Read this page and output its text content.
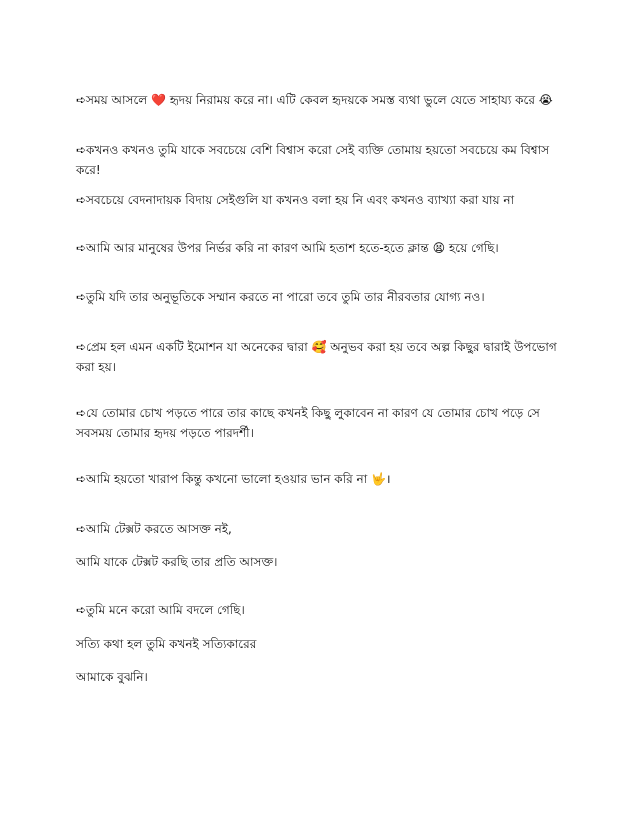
➪সময় আসলে ❤️ হৃদয় নিরাময় করে না। এটি কেবল হৃদয়কে সমস্ত ব্যথা ভুলে যেতে সাহায্য করে 😭
➪কখনও কখনও তুমি যাকে সবচেয়ে বেশি বিশ্বাস করো সেই ব্যক্তি তোমায় হয়তো সবচেয়ে কম বিশ্বাস করে!
➪সবচেয়ে বেদনাদায়ক বিদায় সেইগুলি যা কখনও বলা হয় নি এবং কখনও ব্যাখ্যা করা যায় না
➪আমি আর মানুষের উপর নির্ভর করি না কারণ আমি হতাশ হতে-হতে ক্লান্ত 😫 হয়ে গেছি।
➪তুমি যদি তার অনুভূতিকে সম্মান করতে না পারো তবে তুমি তার নীরবতার যোগ্য নও।
➪প্রেম হল এমন একটি ইমোশন যা অনেকের দ্বারা 🥰 অনুভব করা হয় তবে অল্প কিছুর দ্বারাই উপভোগ করা হয়।
➪যে তোমার চোখ পড়তে পারে তার কাছে কখনই কিছু লুকাবেন না কারণ যে তোমার চোখ পড়ে সে সবসময় তোমার হৃদয় পড়তে পারদর্শী।
➪আমি হয়তো খারাপ কিন্তু কখনো ভালো হওয়ার ভান করি না 🤟।
➪আমি টেক্সট করতে আসক্ত নই,
আমি যাকে টেক্সট করছি তার প্রতি আসক্ত।
➪তুমি মনে করো আমি বদলে গেছি।
সত্যি কথা হল তুমি কখনই সত্যিকারের
আমাকে বুঝনি।
